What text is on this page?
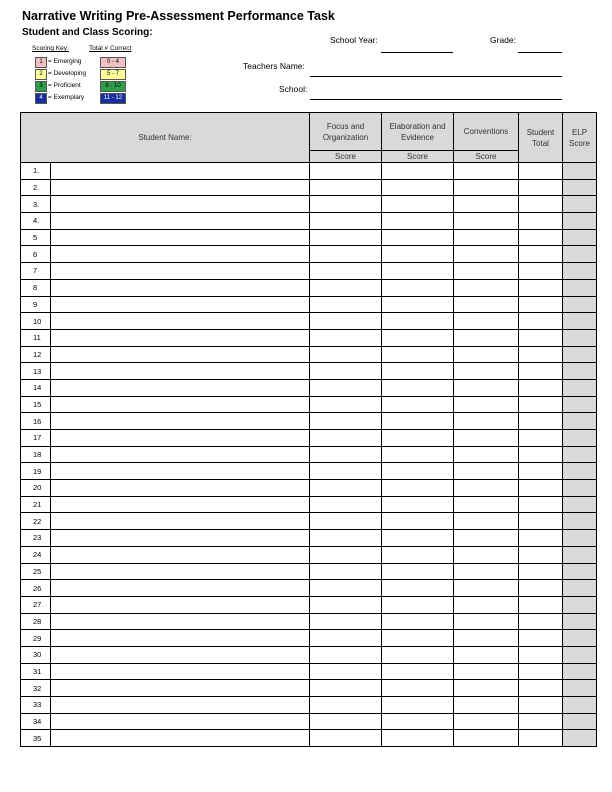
Narrative Writing Pre-Assessment Performance Task
Student and Class Scoring:
Scoring Key:	Total # Correct
1 = Emerging	0 - 4
2 = Developing	5 - 7
3 = Proficient	8 - 10
4 = Exemplary	11 - 12
School Year:	Grade:
Teachers Name:
School:
Student Name:		Focus and Organization	Elaboration and Evidence	Conventions	Student Total	ELP Score
		Score	Score	Score		
1.						
2.						
3.						
4.						
5						
6						
7						
8						
9						
10						
11						
12						
13						
14						
15						
16						
17						
18						
19						
20						
21						
22						
23						
24						
25						
26						
27						
28						
29						
30						
31						
32						
33						
34						
35						
